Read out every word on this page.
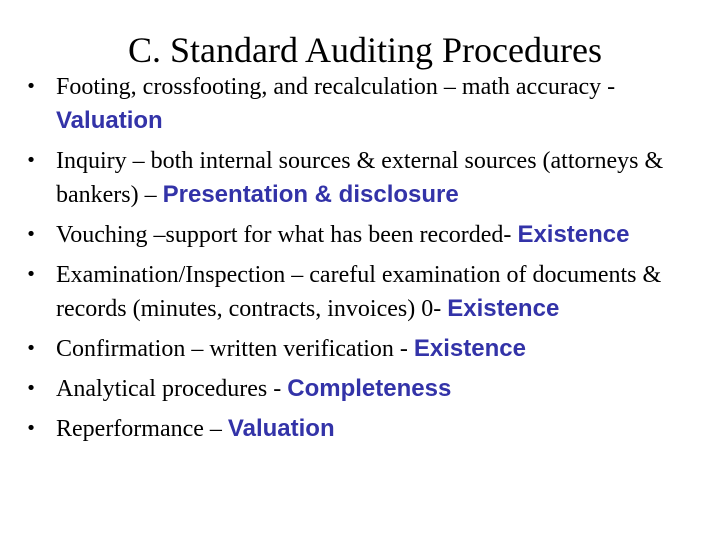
C. Standard Auditing Procedures
• Footing, crossfooting, and recalculation – math accuracy - Valuation
• Inquiry – both internal sources & external sources (attorneys & bankers) – Presentation & disclosure
• Vouching –support for what has been recorded- Existence
• Examination/Inspection – careful examination of documents & records (minutes, contracts, invoices) 0- Existence
• Confirmation – written verification - Existence
• Analytical procedures - Completeness
• Reperformance – Valuation
